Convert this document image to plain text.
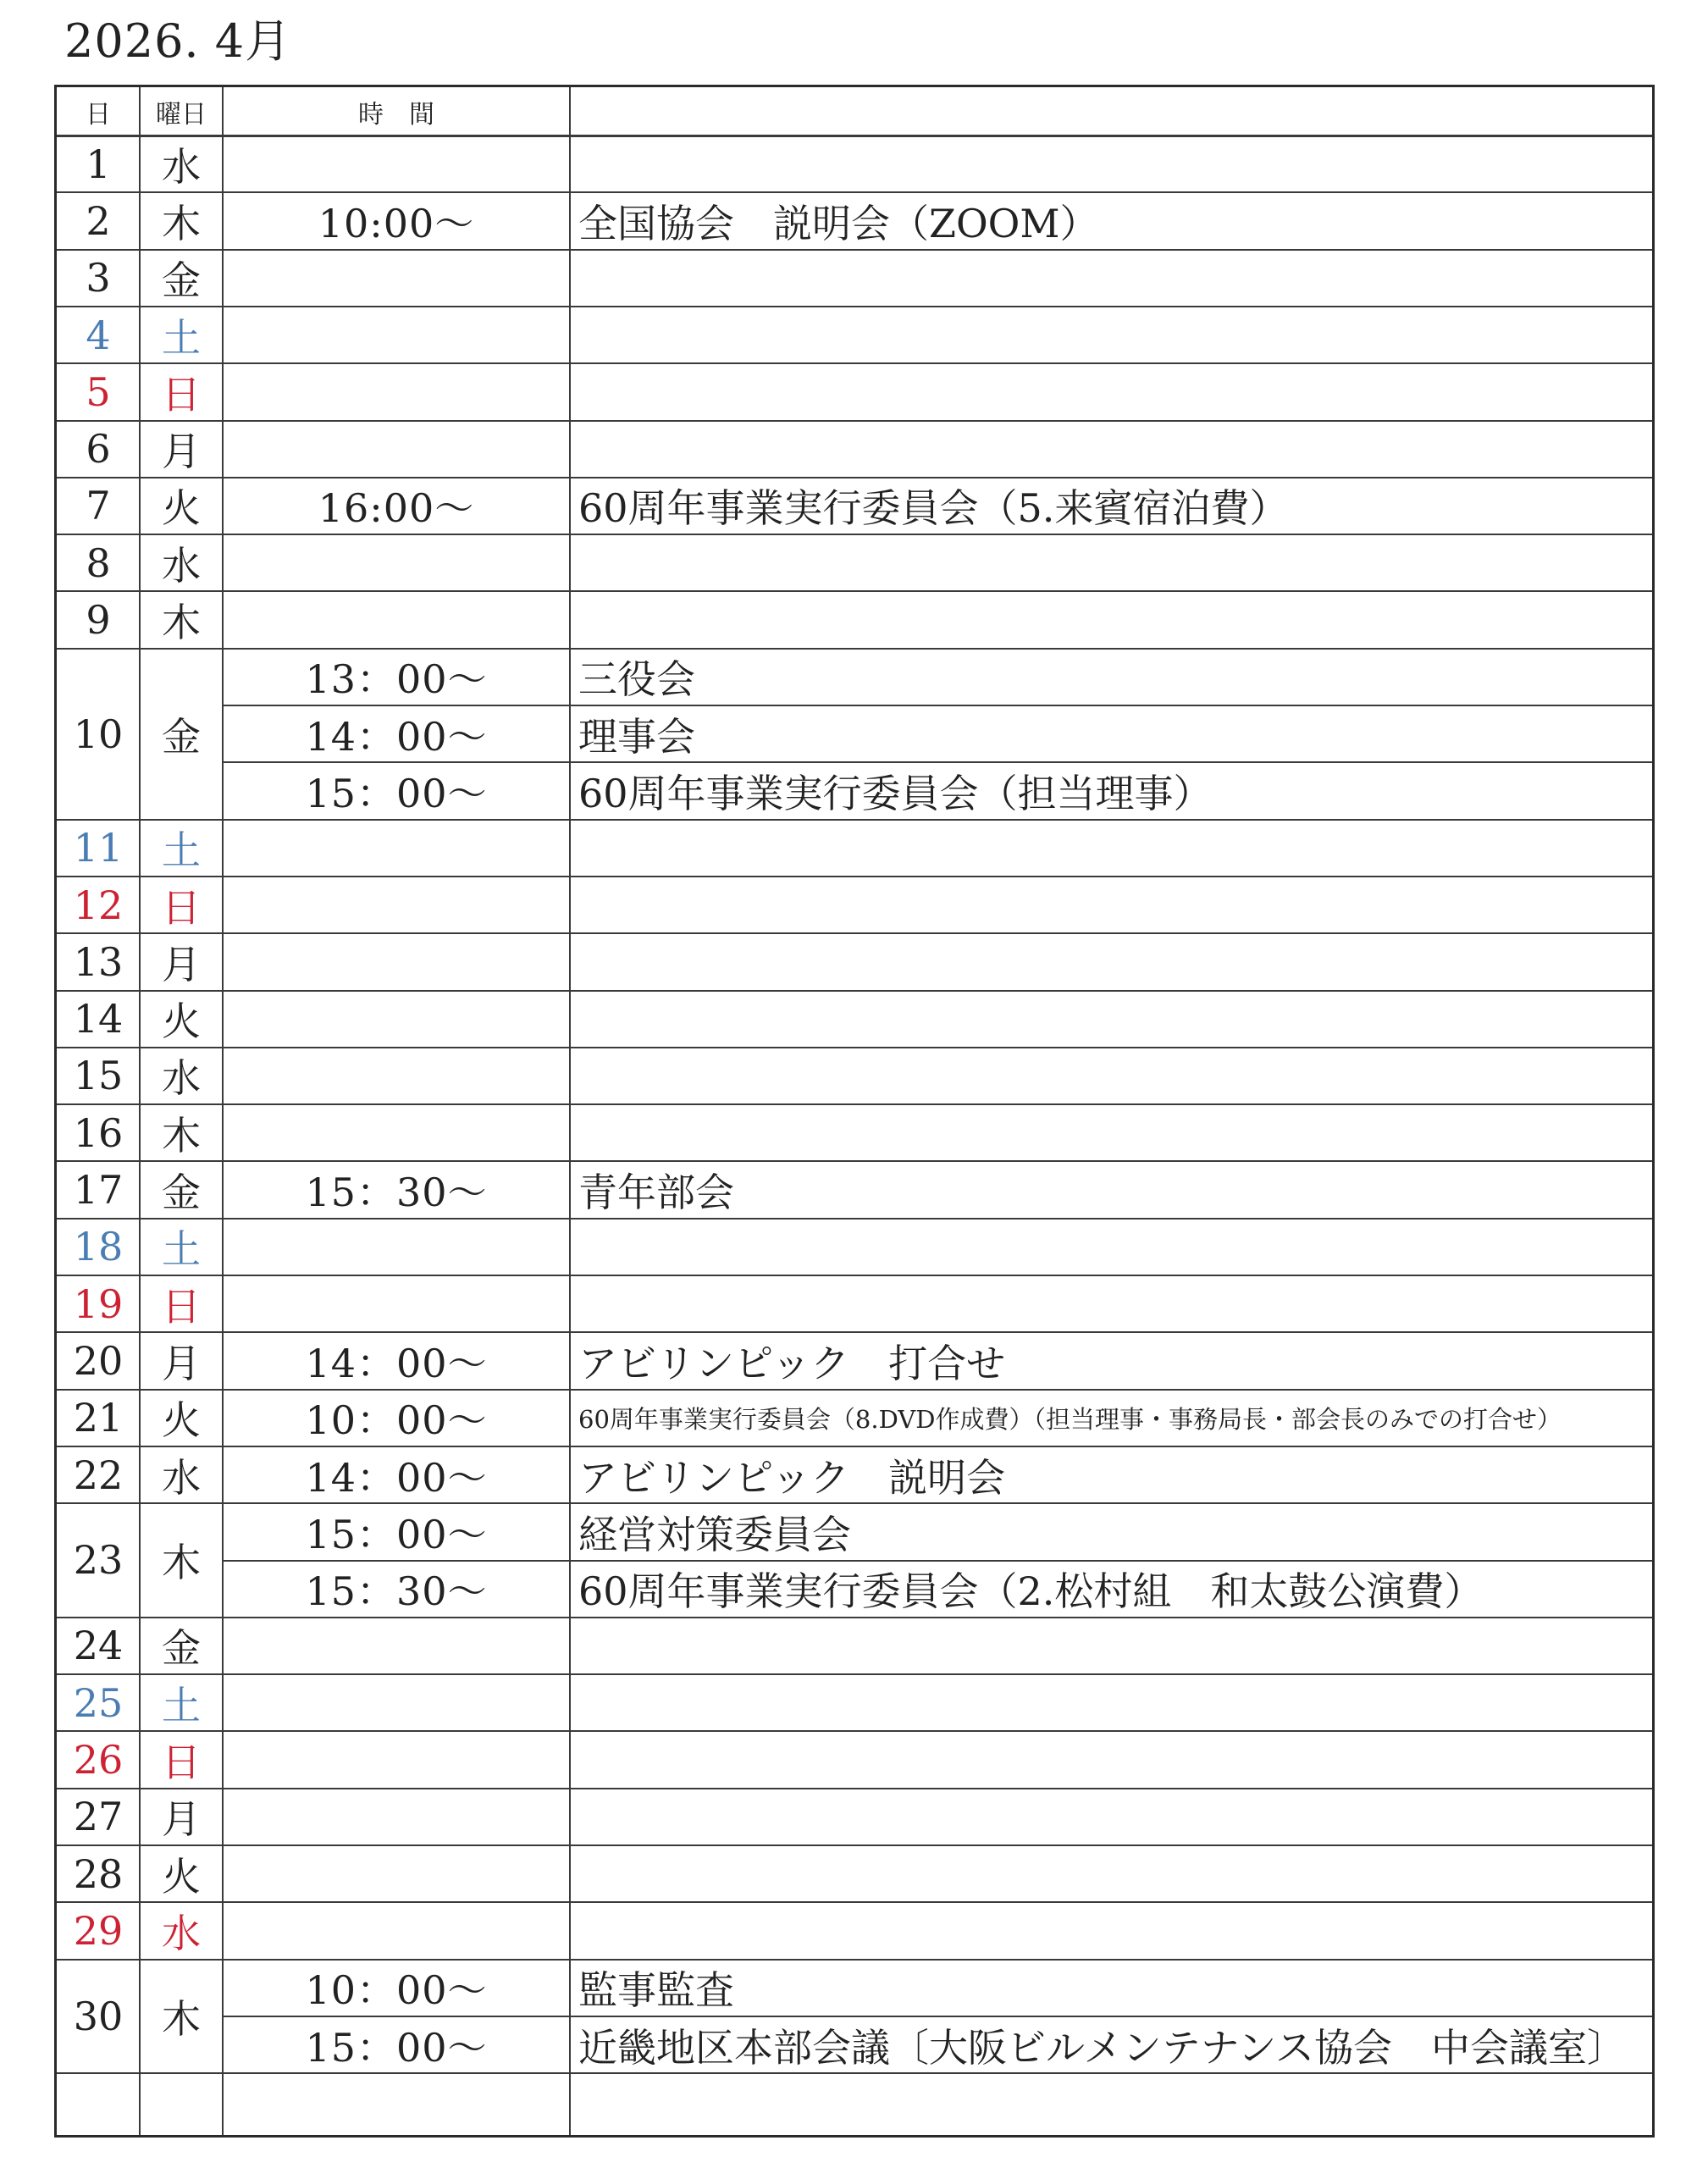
2026. 4月
日	曜日	時　間
1	水
2	木	10:00～	全国協会　説明会（ZOOM）
3	金
4	土
5	日
6	月
7	火	16:00～	60周年事業実行委員会（5.来賓宿泊費）
8	水
9	木
10 金
13：00～	三役会
14：00～	理事会
15：00～	60周年事業実行委員会（担当理事）
11 土
12 日
13 月
14 火
15 水
16 木
17 金	15：30～	青年部会
18 土
19 日
20 月	14：00～	アビリンピック　打合せ
21 火	10：00～	60周年事業実行委員会（8.DVD作成費）（担当理事・事務局長・部会長のみでの打合せ）
22 水	14：00～	アビリンピック　説明会
23 木
15：00～	経営対策委員会
15：30～	60周年事業実行委員会（2.松村組　和太鼓公演費）
24 金
25 土
26 日
27 月
28 火
29 水
30 木
10：00～	監事監査
15：00～	近畿地区本部会議〔大阪ビルメンテナンス協会　中会議室〕
